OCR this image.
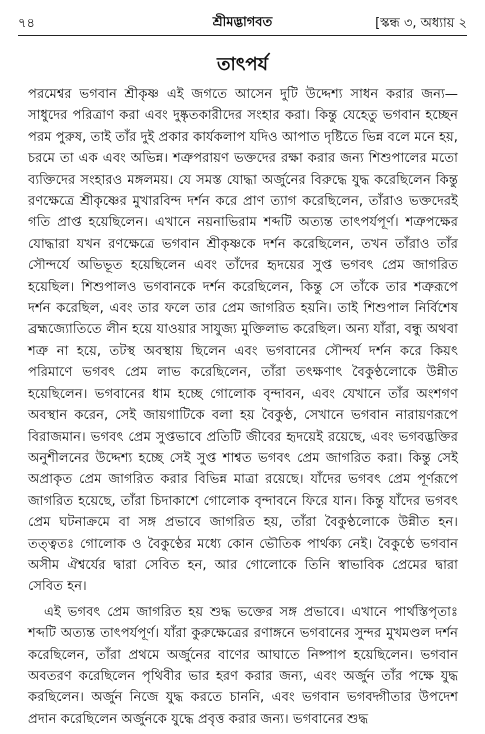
৭৪	শ্রীমদ্ভাগবত	[স্কন্ধ ৩, অধ্যায় ২
তাৎপর্য

পরমেশ্বর ভগবান শ্রীকৃষ্ণ এই জগতে আসেন দুটি উদ্দেশ্য সাধন করার জন্য— সাধুদের পরিত্রাণ করা এবং দুষ্কৃতকারীদের সংহার করা। কিন্তু যেহেতু ভগবান হচ্ছেন পরম পুরুষ, তাই তাঁর দুই প্রকার কার্যকলাপ যদিও আপাত দৃষ্টিতে ভিন্ন বলে মনে হয়, চরমে তা এক এবং অভিন্ন। শত্রুপরায়ণ ভক্তদের রক্ষা করার জন্য শিশুপালের মতো ব্যক্তিদের সংহারও মঙ্গলময়। যে সমস্ত যোদ্ধা অর্জুনের বিরুদ্ধে যুদ্ধ করেছিলেন কিন্তু রণক্ষেত্রে শ্রীকৃষ্ণের মুখারবিন্দ দর্শন করে প্রাণ ত্যাগ করেছিলেন, তাঁরাও ভক্তদেরই গতি প্রাপ্ত হয়েছিলেন। এখানে নয়নাভিরাম শব্দটি অত্যন্ত তাৎপর্যপূর্ণ। শত্রুপক্ষের যোদ্ধারা যখন রণক্ষেত্রে ভগবান শ্রীকৃষ্ণকে দর্শন করেছিলেন, তখন তাঁরাও তাঁর সৌন্দর্যে অভিভূত হয়েছিলেন এবং তাঁদের হৃদয়ের সুপ্ত ভগবৎ প্রেম জাগরিত হয়েছিল। শিশুপালও ভগবানকে দর্শন করেছিলেন, কিন্তু সে তাঁকে তার শত্রুরূপে দর্শন করেছিল, এবং তার ফলে তার প্রেম জাগরিত হয়নি। তাই শিশুপাল নির্বিশেষ ব্রহ্মজ্যোতিতে লীন হয়ে যাওয়ার সাযুজ্য মুক্তিলাভ করেছিল। অন্য যাঁরা, বন্ধু অথবা শত্রু না হয়ে, তটস্থ অবস্থায় ছিলেন এবং ভগবানের সৌন্দর্য দর্শন করে কিয়ৎ পরিমাণে ভগবৎ প্রেম লাভ করেছিলেন, তাঁরা তৎক্ষণাৎ বৈকুণ্ঠলোকে উন্নীত হয়েছিলেন। ভগবানের ধাম হচ্ছে গোলোক বৃন্দাবন, এবং যেখানে তাঁর অংশগণ অবস্থান করেন, সেই জায়গাটিকে বলা হয় বৈকুণ্ঠ, সেখানে ভগবান নারায়ণরূপে বিরাজমান। ভগবৎ প্রেম সুপ্তভাবে প্রতিটি জীবের হৃদয়েই রয়েছে, এবং ভগবদ্ভক্তির অনুশীলনের উদ্দেশ্য হচ্ছে সেই সুপ্ত শাশ্বত ভগবৎ প্রেম জাগরিত করা। কিন্তু সেই অপ্রাকৃত প্রেম জাগরিত করার বিভিন্ন মাত্রা রয়েছে। যাঁদের ভগবৎ প্রেম পূর্ণরূপে জাগরিত হয়েছে, তাঁরা চিদাকাশে গোলোক বৃন্দাবনে ফিরে যান। কিন্তু যাঁদের ভগবৎ প্রেম ঘটনাক্রমে বা সঙ্গ প্রভাবে জাগরিত হয়, তাঁরা বৈকুণ্ঠলোকে উন্নীত হন। তত্ত্বতঃ গোলোক ও বৈকুণ্ঠের মধ্যে কোন ভৌতিক পার্থক্য নেই। বৈকুণ্ঠে ভগবান অসীম ঐশ্বর্যের দ্বারা সেবিত হন, আর গোলোকে তিনি স্বাভাবিক প্রেমের দ্বারা সেবিত হন।

এই ভগবৎ প্রেম জাগরিত হয় শুদ্ধ ভক্তের সঙ্গ প্রভাবে। এখানে পার্থস্তিপৃতাঃ শব্দটি অত্যন্ত তাৎপর্যপূর্ণ। যাঁরা কুরুক্ষেত্রের রণাঙ্গনে ভগবানের সুন্দর মুখমণ্ডল দর্শন করেছিলেন, তাঁরা প্রথমে অর্জুনের বাণের আঘাতে নিষ্পাপ হয়েছিলেন। ভগবান অবতরণ করেছিলেন পৃথিবীর ভার হরণ করার জন্য, এবং অর্জুন তাঁর পক্ষে যুদ্ধ করছিলেন। অর্জুন নিজে যুদ্ধ করতে চাননি, এবং ভগবান ভগবদ্গীতার উপদেশ প্রদান করেছিলেন অর্জুনকে যুদ্ধে প্রবৃত্ত করার জন্য। ভগবানের শুদ্ধ
